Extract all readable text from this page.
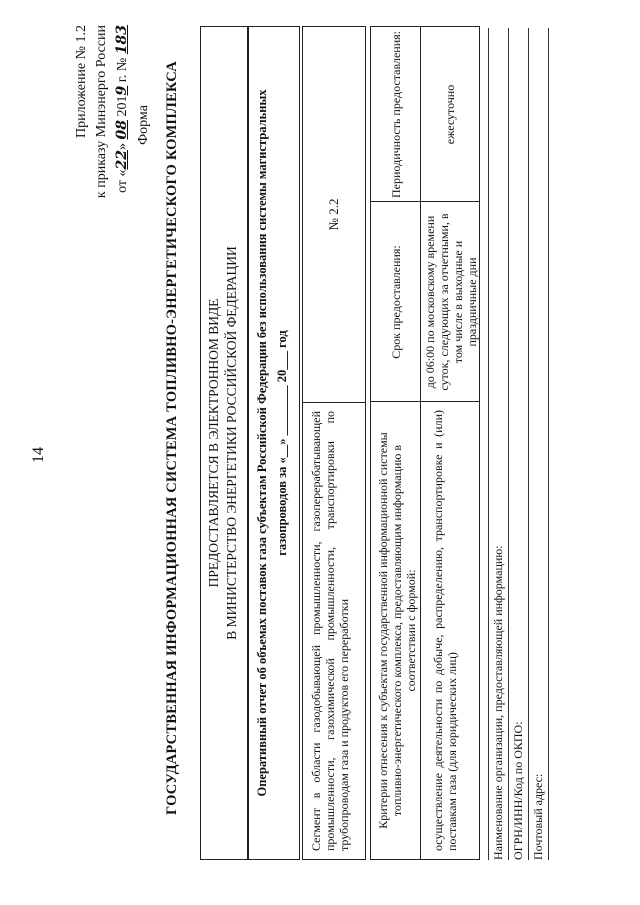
14
Приложение № 1.2 к приказу Минэнерго России от «22» 08 2019 г. № 183
Форма ГОСУДАРСТВЕННАЯ ИНФОРМАЦИОННАЯ СИСТЕМА ТОПЛИВНО-ЭНЕРГЕТИЧЕСКОГО КОМПЛЕКСА ПРЕДОСТАВЛЯЕТСЯ В ЭЛЕКТРОННОМ ВИДЕ В МИНИСТЕРСТВО ЭНЕРГЕТИКИ РОССИЙСКОЙ ФЕДЕРАЦИИ Оперативный отчет об объемах поставок газа субъектам Российской Федерации без использования системы магистральных газопроводов за «__» ________ 20___ год	Сегмент в области газодобывающей промышленности, газоперерабатывающей промышленности, газохимической промышленности, транспортировки по трубопроводам газа и продуктов его переработки
№ 2.2
Критерии отнесения к субъектам государственной информационной системы топливно-энергетического комплекса, предоставляющим информацию в соответствии с формой:
Срок предоставления:
Периодичность предоставления:
осуществление деятельности по добыче, распределению, транспортировке и (или) поставкам газа (для юридических лиц)
до 06:00 по московскому времени суток, следующих за отчетными, в том числе в выходные и праздничные дни
ежесуточно
Наименование организации, предоставляющей информацию: ОГРН/ИНН/Код по ОКПО: Почтовый адрес:
